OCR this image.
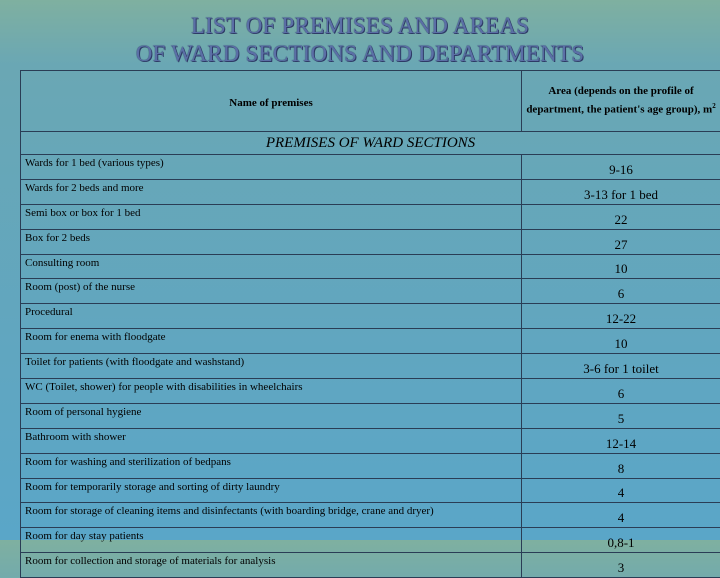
LIST OF PREMISES AND AREAS
OF WARD SECTIONS AND DEPARTMENTS
Name of premises	Area (depends on the profile of department, the patient's age group), $m^2$
PREMISES OF WARD SECTIONS	
Wards for 1 bed (various types)	9-16
Wards for 2 beds and more	3-13 for 1 bed
Semi box or box for 1 bed	22
Box for 2 beds	27
Consulting room	10
Room (post) of the nurse	6
Procedural	12-22
Room for enema with floodgate	10
Toilet for patients (with floodgate and washstand)	3-6 for 1 toilet
WC (Toilet, shower) for people with disabilities in wheelchairs	6
Room of personal hygiene	5
Bathroom with shower	12-14
Room for washing and sterilization of bedpans	8
Room for temporarily storage and sorting of dirty laundry	4
Room for storage of cleaning items and disinfectants (with boarding bridge, crane and dryer)	4
Room for day stay patients	0,8-1
Room for collection and storage of materials for analysis	3
